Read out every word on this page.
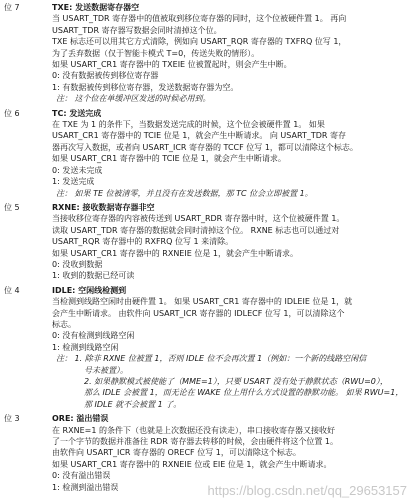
位 7	TXE: 发送数据寄存器空
当 USART_TDR 寄存器中的值被取到移位寄存器的同时，这个位被硬件置 1。 再向
USART_TDR 寄存器写数据会同时清掉这个位。
TXE 标志还可以用其它方式清除，例如向 USART_RQR 寄存器的 TXFRQ 位写 1，
为了丢弃数据（仅于智能卡模式 T=0，传送失败的情形）。
如果 USART_CR1 寄存器中的 TXEIE 位被置起时，则会产生中断。
0: 没有数据被传到移位寄存器
1: 有数据被传到移位寄存器，发送数据寄存器为空。
注： 这个位在单缓冲区发送的时候必用到。
位 6	TC: 发送完成
在 TXE 为 1 的条件下，当数据发送完成的时候，这个位会被硬件置 1。 如果
USART_CR1 寄存器中的 TCIE 位是 1，就会产生中断请求。 向 USART_TDR 寄存
器再次写入数据，或者向 USART_ICR 寄存器的 TCCF 位写 1，都可以清除这个标志。
如果 USART_CR1 寄存器中的 TCIE 位是 1，就会产生中断请求。
0: 发送未完成
1: 发送完成
注： 如果 TE 位被清零，并且没有在发送数据，那 TC 位会立即被置 1。
位 5	RXNE: 接收数据寄存器非空
当接收移位寄存器的内容被传送到 USART_RDR 寄存器中时，这个位被硬件置 1。
读取 USART_TDR 寄存器的数据就会同时清掉这个位。 RXNE 标志也可以通过对
USART_RQR 寄存器中的 RXFRQ 位写 1 来清除。
如果 USART_CR1 寄存器中的 RXNEIE 位是 1，就会产生中断请求。
0: 没收到数据
1: 收到的数据已经可读
位 4	IDLE: 空闲线检测到
当检测到线路空闲时由硬件置 1。 如果 USART_CR1 寄存器中的 IDLEIE 位是 1，就
会产生中断请求。 由软件向 USART_ICR 寄存器的 IDLECF 位写 1，可以清除这个
标志。
0: 没有检测到线路空闲
1: 检测到线路空闲
注： 1. 除非 RXNE 位被置 1，否则 IDLE 位不会再次置 1（例如：一个新的线路空闲信
号未被置）。
2. 如果静默模式被使能了（MME=1），只要 USART 没有处于静默状态（RWU=0），
那么 IDLE 会被置 1，而无论在 WAKE 位上用什么方式设置的静默功能。 如果 RWU=1，
那 IDLE 就不会被置 1 了。
位 3	ORE: 溢出错误
在 RXNE=1 的条件下（也就是上次数据还没有读走），串口接收寄存器又接收好
了一个字节的数据并准备往 RDR 寄存器去转移的时候，会由硬件将这个位置 1。
由软件向 USART_ICR 寄存器的 ORECF 位写 1，可以清除这个标志。
如果 USART_CR1 寄存器中的 RXNEIE 位或 EIE 位是 1，就会产生中断请求。
0: 没有溢出错误
1: 检测到溢出错误	https://blog.csdn.net/qq_29653157
